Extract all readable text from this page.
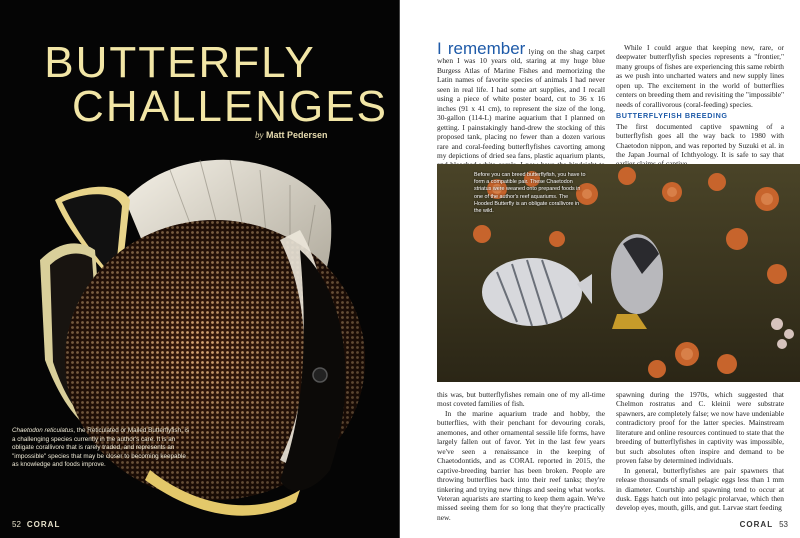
BUTTERFLY
CHALLENGES
by Matt Pedersen
Chaetodon reticulatus, the Reticulated or Mailed Butterflyfish, is a challenging species currently in the author's care. It is an obligate corallivore that is rarely traded, and represents an "impossible" species that may be closer to becoming keepable as knowledge and foods improve.
52 CORAL

I remember lying on the shag carpet when I was 10 years old, staring at my huge blue Burgess Atlas of Marine Fishes and memorizing the Latin names of favorite species of animals I had never seen in real life. I had some art supplies, and I recall using a piece of white poster board, cut to 36 x 16 inches (91 x 41 cm), to represent the size of the long, 30-gallon (114-L) marine aquarium that I planned on getting. I painstakingly hand-drew the stocking of this proposed tank, placing no fewer than a dozen various rare and coral-feeding butterflyfishes cavorting among my depictions of dried sea fans, plastic aquarium plants,

While I could argue that keeping new, rare, or deepwater butterflyfish species represents a "frontier," many groups of fishes are experiencing this same rebirth as we push into uncharted waters and new supply lines open up. The excitement in the world of butterflies centers on breeding them and revisiting the "impossible" needs of corallivorous (coral-feeding) species.

BUTTERFLYFISH BREEDING

The first documented captive spawning of a butterflyfish goes all the way back to 1980 with Chaetodon nippon, and was reported by Suzuki et al. in the Japan Journal of Ichthyology. It is safe to say that

Before you can breed butterflyfish, you have to form a compatible pair. These Chaetodon striatus were weaned onto prepared foods in one of the author's reef aquariums. The Hooded Butterfly is an obligate corallivore in the wild.

this was, but butterflyfishes remain one of my all-time most coveted families of fish.

In the marine aquarium trade and hobby, the butterflies, with their penchant for devouring corals, anemones, and other ornamental sessile life forms, have largely fallen out of favor. Yet in the last few years we've seen a renaissance in the keeping of Chaetodontids, and as CORAL reported in 2015, the captive-breeding barrier has been broken. People are throwing butterflies back into their reef tanks; they're tinkering and trying new things and seeing what works. Veteran aquarists are starting to keep them again. We've missed seeing them for so long that they're practically new.

spawning during the 1970s, which suggested that Chelmon rostratus and C. kleinii were substrate spawners, are completely false; we now have undeniable contradictory proof for the latter species. Mainstream literature and online resources continued to state that the breeding of butterflyfishes in captivity was impossible, but such absolutes often inspire and demand to be proven false by determined individuals.

In general, butterflyfishes are pair spawners that release thousands of small pelagic eggs less than 1 mm in diameter. Courtship and spawning tend to occur at dusk. Eggs hatch out into pelagic prolarvae, which then develop eyes, mouth, gills, and gut. Larvae start feeding

CORAL 53
